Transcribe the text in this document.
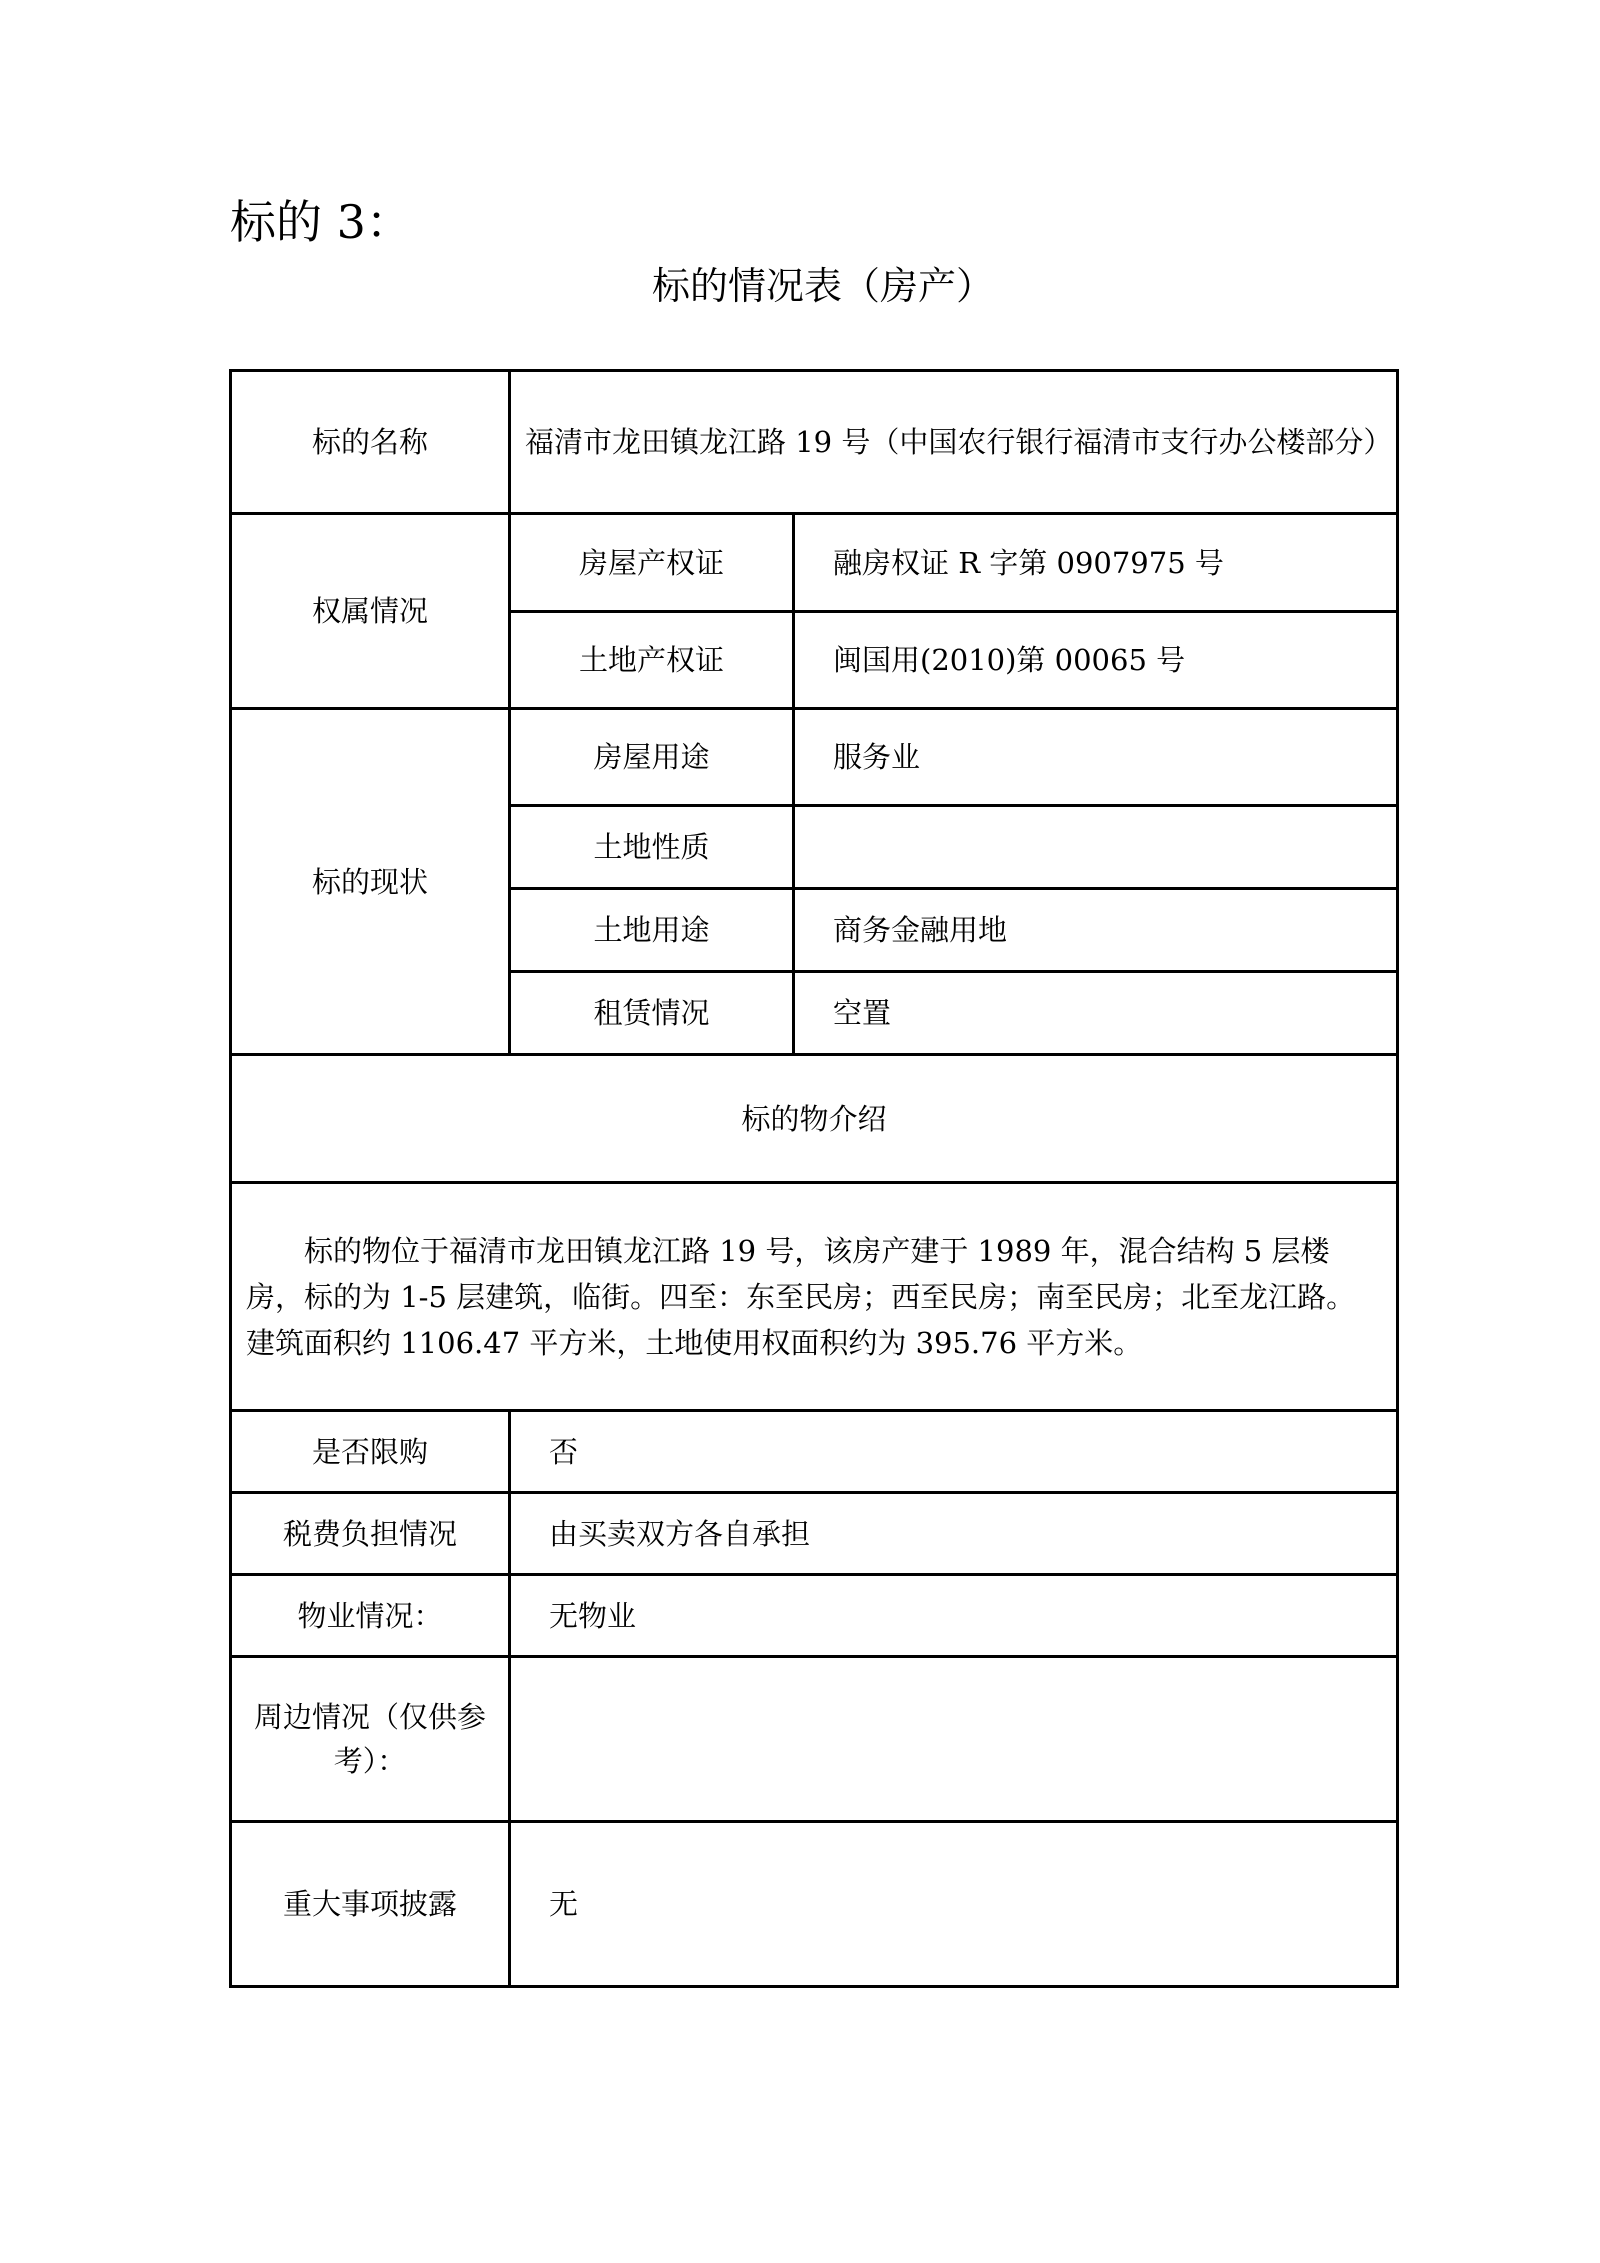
标的 3：
标的情况表（房产）
标的名称	福清市龙田镇龙江路 19 号（中国农行银行福清市支行办公楼部分）	
权属情况	房屋产权证	融房权证 R 字第 0907975 号
	土地产权证	闽国用(2010)第 00065 号
标的现状	房屋用途	服务业
	土地性质	
	土地用途	商务金融用地
	租赁情况	空置
标的物介绍		
标的物位于福清市龙田镇龙江路 19 号，该房产建于 1989 年，混合结构 5 层楼房，标的为 1-5 层建筑，临街。四至：东至民房；西至民房；南至民房；北至龙江路。建筑面积约 1106.47 平方米，土地使用权面积约为 395.76 平方米。		
是否限购	否	
税费负担情况	由买卖双方各自承担	
物业情况：	无物业	
周边情况（仅供参考）：		
重大事项披露	无	
